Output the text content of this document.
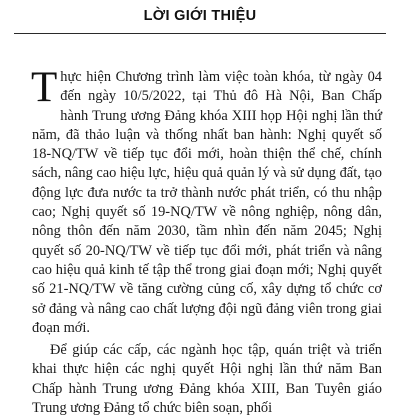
LỜI GIỚI THIỆU

Thực hiện Chương trình làm việc toàn khóa, từ ngày 04 đến ngày 10/5/2022, tại Thủ đô Hà Nội, Ban Chấp hành Trung ương Đảng khóa XIII họp Hội nghị lần thứ năm, đã thảo luận và thống nhất ban hành: Nghị quyết số 18-NQ/TW về tiếp tục đổi mới, hoàn thiện thể chế, chính sách, nâng cao hiệu lực, hiệu quả quản lý và sử dụng đất, tạo động lực đưa nước ta trở thành nước phát triển, có thu nhập cao; Nghị quyết số 19-NQ/TW về nông nghiệp, nông dân, nông thôn đến năm 2030, tầm nhìn đến năm 2045; Nghị quyết số 20-NQ/TW về tiếp tục đổi mới, phát triển và nâng cao hiệu quả kinh tế tập thể trong giai đoạn mới; Nghị quyết số 21-NQ/TW về tăng cường củng cố, xây dựng tổ chức cơ sở đảng và nâng cao chất lượng đội ngũ đảng viên trong giai đoạn mới.

Để giúp các cấp, các ngành học tập, quán triệt và triển khai thực hiện các nghị quyết Hội nghị lần thứ năm Ban Chấp hành Trung ương Đảng khóa XIII, Ban Tuyên giáo Trung ương Đảng tổ chức biên soạn, phối
